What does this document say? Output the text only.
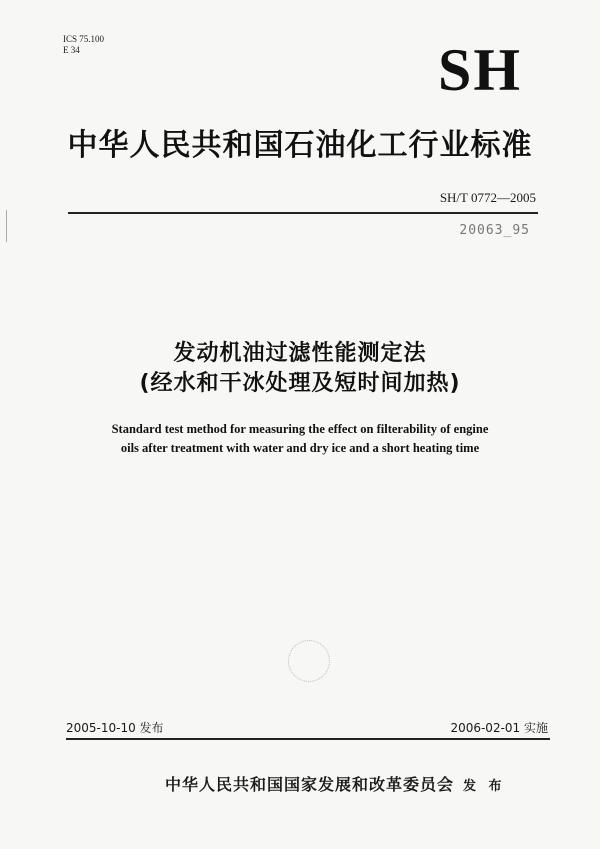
ICS 75.100
E 34	SH
中华人民共和国石油化工行业标准
SH/T 0772—2005
20063_95
发动机油过滤性能测定法
(经水和干冰处理及短时间加热)
Standard test method for measuring the effect on filterability of engine
oils after treatment with water and dry ice and a short heating time
2005-10-10 发布	2006-02-01 实施
中华人民共和国国家发展和改革委员会 发 布
